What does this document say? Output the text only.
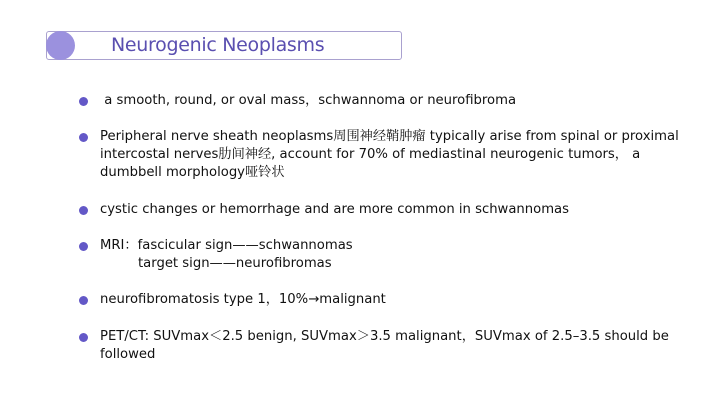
Neurogenic Neoplasms
a smooth, round, or oval mass，schwannoma or neurofibroma
Peripheral nerve sheath neoplasms周围神经鞘肿瘤 typically arise from spinal or proximal intercostal nerves肋间神经, account for 70% of mediastinal neurogenic tumors， a dumbbell morphology哑铃状
cystic changes or hemorrhage and are more common in schwannomas
MRI：fascicular sign——schwannomas
target sign——neurofibromas
neurofibromatosis type 1，10%→malignant
PET/CT: SUVmax＜2.5 benign, SUVmax＞3.5 malignant，SUVmax of 2.5–3.5 should be followed
